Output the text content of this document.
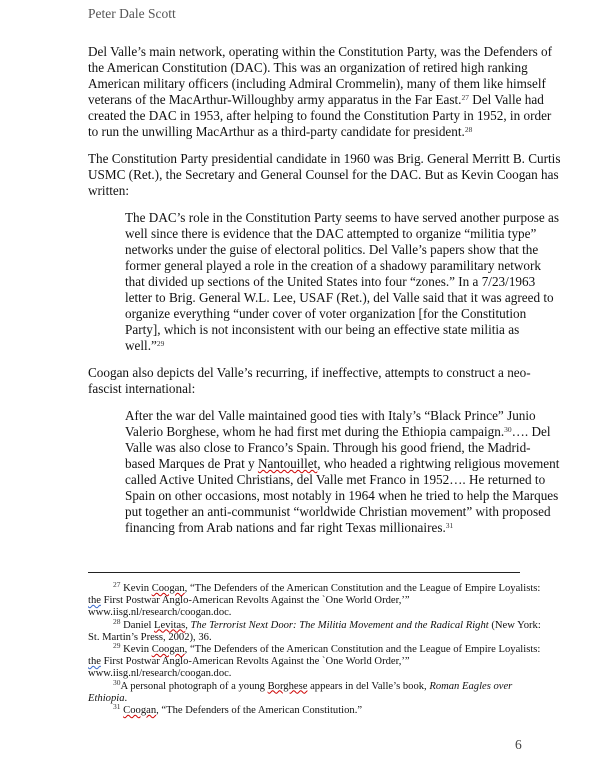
Peter Dale Scott
Del Valle’s main network, operating within the Constitution Party, was the Defenders of
the American Constitution (DAC). This was an organization of retired high ranking
American military officers (including Admiral Crommelin), many of them like himself
veterans of the MacArthur-Willoughby army apparatus in the Far East.$^{27}$ Del Valle had
created the DAC in 1953, after helping to found the Constitution Party in 1952, in order
to run the unwilling MacArthur as a third-party candidate for president.$^{28}$
The Constitution Party presidential candidate in 1960 was Brig. General Merritt B. Curtis
USMC (Ret.), the Secretary and General Counsel for the DAC. But as Kevin Coogan has
written:
The DAC’s role in the Constitution Party seems to have served another purpose as
well since there is evidence that the DAC attempted to organize “militia type”
networks under the guise of electoral politics. Del Valle’s papers show that the
former general played a role in the creation of a shadowy paramilitary network
that divided up sections of the United States into four “zones.” In a 7/23/1963
letter to Brig. General W.L. Lee, USAF (Ret.), del Valle said that it was agreed to
organize everything “under cover of voter organization [for the Constitution
Party], which is not inconsistent with our being an effective state militia as
well.”$^{29}$
Coogan also depicts del Valle’s recurring, if ineffective, attempts to construct a neo-
fascist international:
After the war del Valle maintained good ties with Italy’s “Black Prince” Junio
Valerio Borghese, whom he had first met during the Ethiopia campaign.$^{30}$…. Del
Valle was also close to Franco’s Spain. Through his good friend, the Madrid-
based Marques de Prat y Nantouillet, who headed a rightwing religious movement
called Active United Christians, del Valle met Franco in 1952…. He returned to
Spain on other occasions, most notably in 1964 when he tried to help the Marques
put together an anti-communist “worldwide Christian movement” with proposed
financing from Arab nations and far right Texas millionaires.$^{31}$
$^{27}$ Kevin Coogan, “The Defenders of the American Constitution and the League of Empire Loyalists:
the First Postwar Anglo-American Revolts Against the `One World Order,’”
www.iisg.nl/research/coogan.doc.
$^{28}$ Daniel Levitas, The Terrorist Next Door: The Militia Movement and the Radical Right (New York:
St. Martin’s Press, 2002), 36.
$^{29}$ Kevin Coogan, “The Defenders of the American Constitution and the League of Empire Loyalists:
the First Postwar Anglo-American Revolts Against the `One World Order,’”
www.iisg.nl/research/coogan.doc.
$^{30}$A personal photograph of a young Borghese appears in del Valle’s book, Roman Eagles over
Ethiopia.
$^{31}$ Coogan, “The Defenders of the American Constitution.”
6
